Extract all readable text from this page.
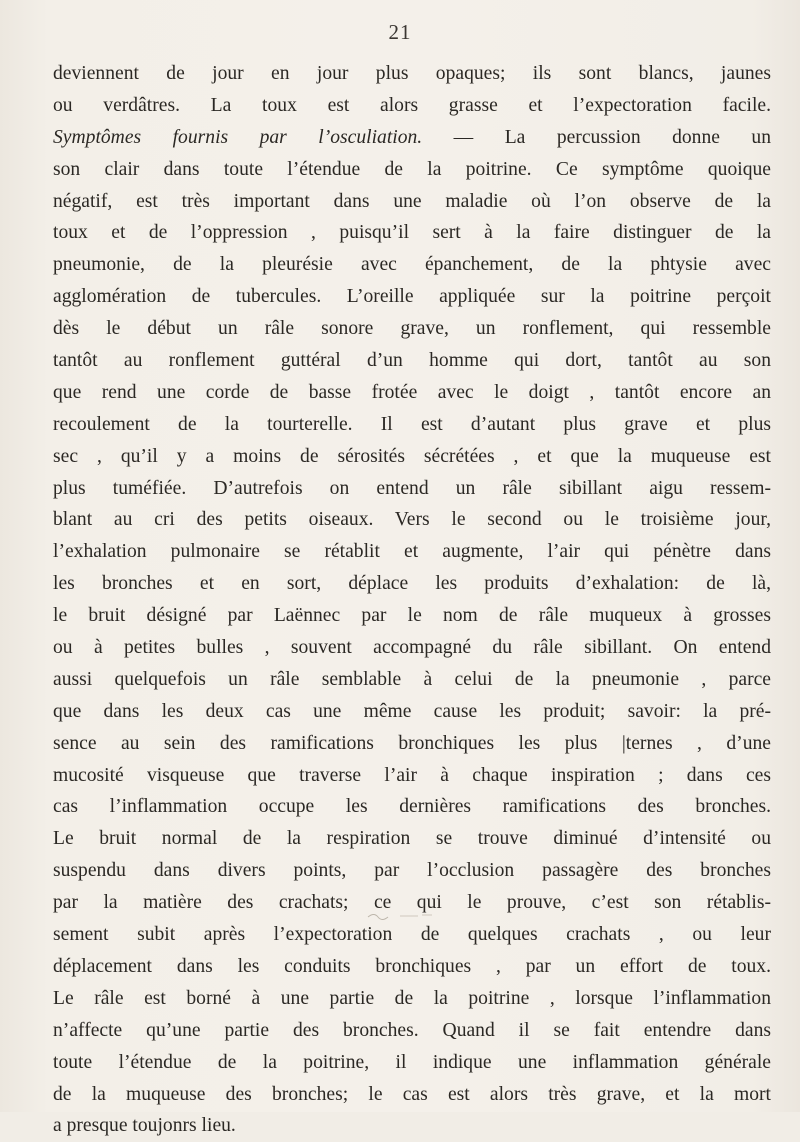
21
deviennent de jour en jour plus opaques; ils sont blancs, jaunes
ou verdâtres. La toux est alors grasse et l’expectoration facile.
Symptômes fournis par l’osculiation. — La percussion donne un
son clair dans toute l’étendue de la poitrine. Ce symptôme quoique
négatif, est très important dans une maladie où l’on observe de la
toux et de l’oppression , puisqu’il sert à la faire distinguer de la
pneumonie, de la pleurésie avec épanchement, de la phtysie avec
agglomération de tubercules. L’oreille appliquée sur la poitrine perçoit
dès le début un râle sonore grave, un ronflement, qui ressemble
tantôt au ronflement guttéral d’un homme qui dort, tantôt au son
que rend une corde de basse frotée avec le doigt , tantôt encore an
recoulement de la tourterelle. Il est d’autant plus grave et plus
sec , qu’il y a moins de sérosités sécrétées , et que la muqueuse est
plus tuméfiée. D’autrefois on entend un râle sibillant aigu ressem-
blant au cri des petits oiseaux. Vers le second ou le troisième jour,
l’exhalation pulmonaire se rétablit et augmente, l’air qui pénètre dans
les bronches et en sort, déplace les produits d’exhalation: de là,
le bruit désigné par Laënnec par le nom de râle muqueux à grosses
ou à petites bulles , souvent accompagné du râle sibillant. On entend
aussi quelquefois un râle semblable à celui de la pneumonie , parce
que dans les deux cas une même cause les produit; savoir: la pré-
sence au sein des ramifications bronchiques les plus |ternes , d’une
mucosité visqueuse que traverse l’air à chaque inspiration ; dans ces
cas l’inflammation occupe les dernières ramifications des bronches.
Le bruit normal de la respiration se trouve diminué d’intensité ou
suspendu dans divers points, par l’occlusion passagère des bronches
par la matière des crachats; ce qui le prouve, c’est son rétablis-
sement subit après l’expectoration de quelques crachats , ou leur
déplacement dans les conduits bronchiques , par un effort de toux.
Le râle est borné à une partie de la poitrine , lorsque l’inflammation
n’affecte qu’une partie des bronches. Quand il se fait entendre dans
toute l’étendue de la poitrine, il indique une inflammation générale
de la muqueuse des bronches; le cas est alors très grave, et la mort
a presque toujonrs lieu.
